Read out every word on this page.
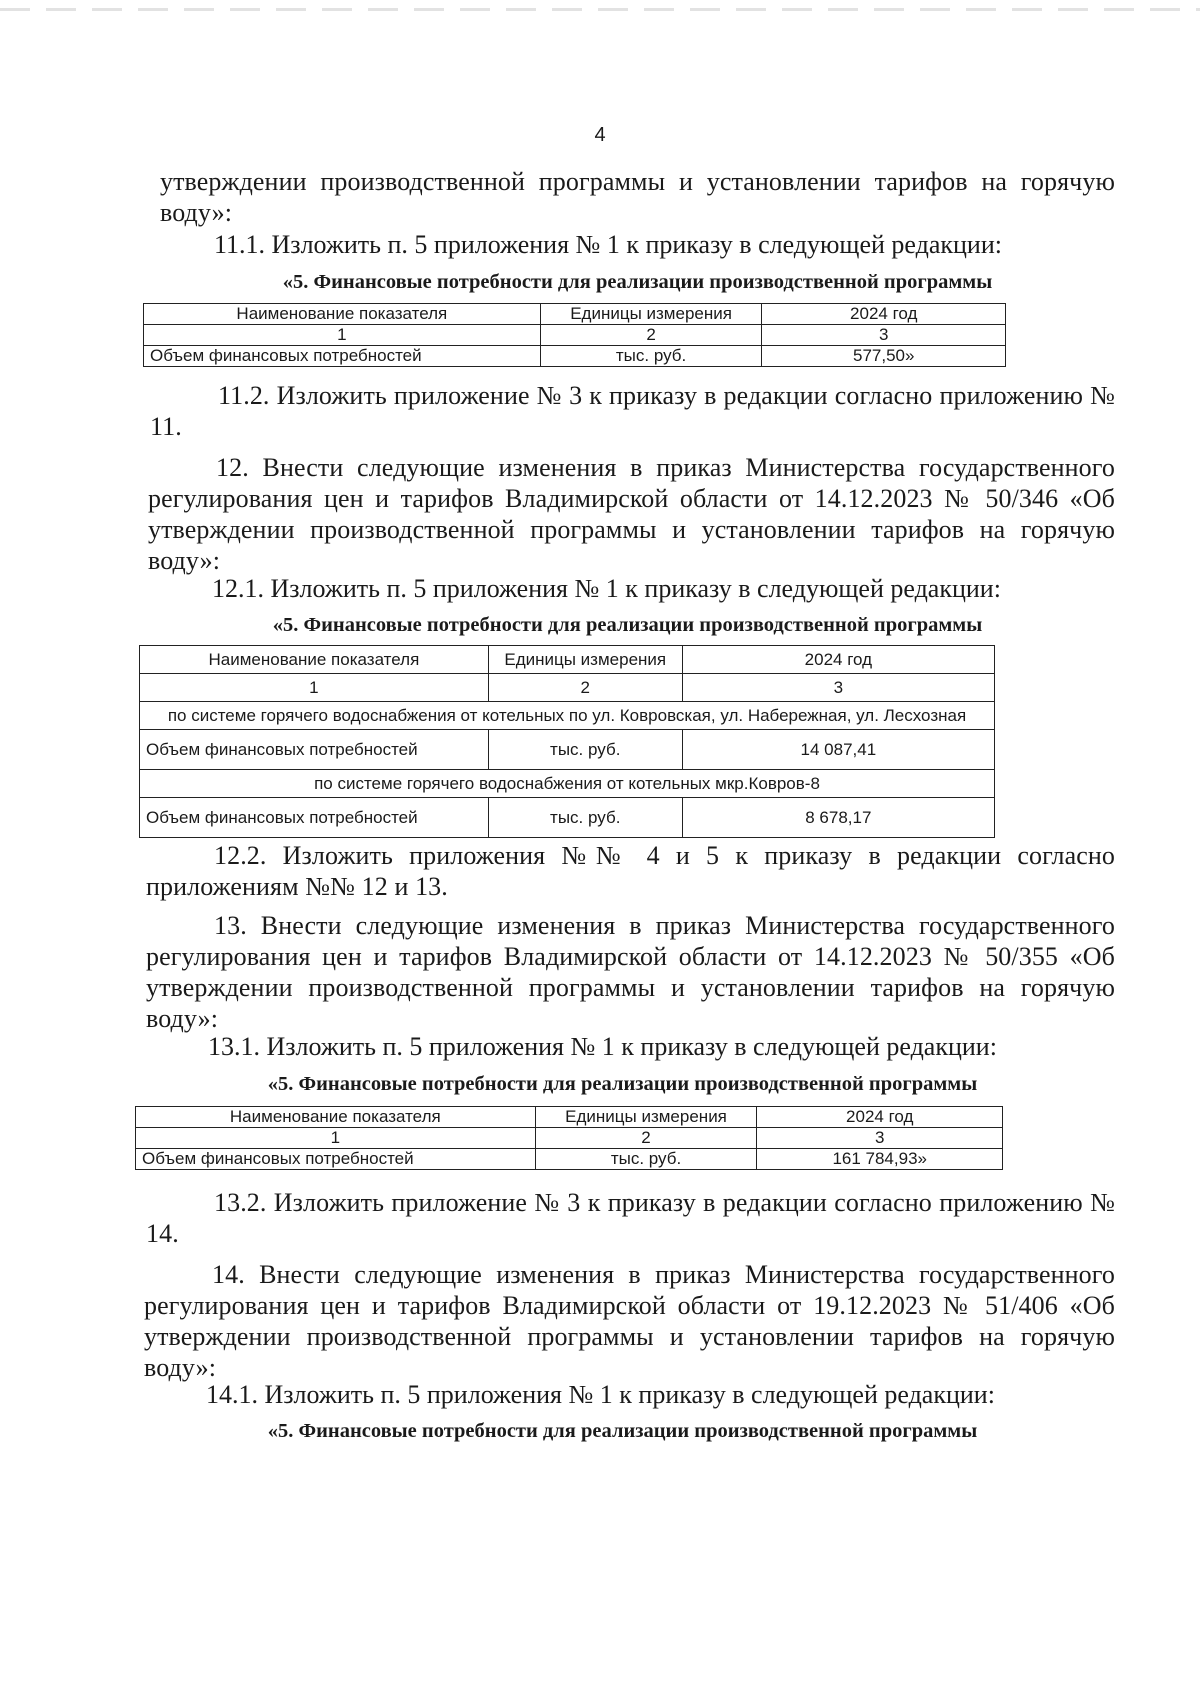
4

утверждении производственной программы и установлении тарифов на горячую воду»:

11.1. Изложить п. 5 приложения № 1 к приказу в следующей редакции:

«5. Финансовые потребности для реализации производственной программы

Наименование показателя	Единицы измерения	2024 год
1	2	3
Объем финансовых потребностей	тыс. руб.	577,50»

11.2. Изложить приложение № 3 к приказу в редакции согласно приложению № 11.

12. Внести следующие изменения в приказ Министерства государственного регулирования цен и тарифов Владимирской области от 14.12.2023 № 50/346 «Об утверждении производственной программы и установлении тарифов на горячую воду»:

12.1. Изложить п. 5 приложения № 1 к приказу в следующей редакции:

«5. Финансовые потребности для реализации производственной программы

Наименование показателя	Единицы измерения	2024 год
1	2	3
по системе горячего водоснабжения от котельных по ул. Ковровская, ул. Набережная, ул. Лесхозная		
Объем финансовых потребностей	тыс. руб.	14 087,41
по системе горячего водоснабжения от котельных мкр.Ковров-8		
Объем финансовых потребностей	тыс. руб.	8 678,17

12.2. Изложить приложения №№ 4 и 5 к приказу в редакции согласно приложениям №№ 12 и 13.

13. Внести следующие изменения в приказ Министерства государственного регулирования цен и тарифов Владимирской области от 14.12.2023 № 50/355 «Об утверждении производственной программы и установлении тарифов на горячую воду»:

13.1. Изложить п. 5 приложения № 1 к приказу в следующей редакции:

«5. Финансовые потребности для реализации производственной программы

Наименование показателя	Единицы измерения	2024 год
1	2	3
Объем финансовых потребностей	тыс. руб.	161 784,93»

13.2. Изложить приложение № 3 к приказу в редакции согласно приложению № 14.

14. Внести следующие изменения в приказ Министерства государственного регулирования цен и тарифов Владимирской области от 19.12.2023 № 51/406 «Об утверждении производственной программы и установлении тарифов на горячую воду»:

14.1. Изложить п. 5 приложения № 1 к приказу в следующей редакции:

«5. Финансовые потребности для реализации производственной программы
